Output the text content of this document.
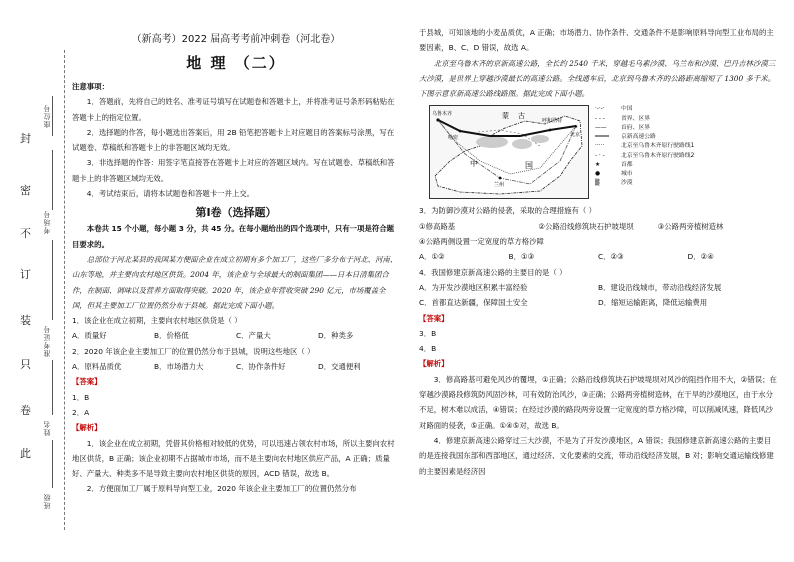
封
密
不
订
装
只
卷
此
座位号
考场号
准考证号
姓名
班级

（新高考）2022 届高考考前冲刺卷（河北卷）

地 理 （二）

注意事项：

1．答题前，先将自己的姓名、准考证号填写在试题卷和答题卡上，并将准考证号条形码粘贴在答题卡上的指定位置。

2．选择题的作答，每小题选出答案后，用 2B 铅笔把答题卡上对应题目的答案标号涂黑，写在试题卷、草稿纸和答题卡上的非答题区域均无效。

3．非选择题的作答：用签字笔直接答在答题卡上对应的答题区域内。写在试题卷、草稿纸和答题卡上的非答题区域均无效。

4．考试结束后，请将本试题卷和答题卡一并上交。

第Ⅰ卷（选择题）

本卷共 15 个小题，每小题 3 分，共 45 分。在每小题给出的四个选项中，只有一项是符合题目要求的。

总部位于河北某县的我国某方便面企业在成立初期有多个加工厂，这些厂多分布于河北、河南、山东等地，并主要向农村地区供货。2004 年，该企业与全球最大的制面集团——日本日清集团合作，在制面、调味以及营养方面取得突破。2020 年，该企业年营收突破 290 亿元，市场覆盖全国，但其主要加工厂位置仍然分布于县城。据此完成下面小题。

1．该企业在成立初期，主要向农村地区供货是（ ）

A．质量好	B．价格低	C．产量大	D．种类多

2．2020 年该企业主要加工厂的位置仍然分布于县城，说明这些地区（ ）

A．原料品质优	B．市场潜力大	C．协作条件好	D．交通便利

【答案】

1．B

2．A

【解析】

1．该企业在成立初期，凭借其价格相对较低的优势，可以迅速占领农村市场，所以主要向农村地区供货，B 正确；该企业初期不占据城市市场，而不是主要向农村地区供应产品，A 正确；质量好、产量大、种类多不是导致主要向农村地区供货的原因，ACD 错误，故选 B。

2．方便面加工厂属于原料导向型工业，2020 年该企业主要加工厂的位置仍然分布

于县城，可知该地的小麦品质优，A 正确；市场潜力、协作条件、交通条件不是影响原料导向型工业布局的主要因素，B、C、D 错误，故选 A。

北京至乌鲁木齐的京新高速公路，全长约 2540 千米，穿越毛乌素沙漠、乌兰布和沙漠、巴丹吉林沙漠三大沙漠，是世界上穿越沙漠最长的高速公路。全线通车后，北京到乌鲁木齐的公路距离缩短了 1300 多千米。下图示意京新高速公路线路图。据此完成下面小题。

★
乌鲁木齐
哈密
蒙 古
呼和浩特
北京
兰州
中	国
·-·-·	中国
- - -	省界、区界
——	首府、区界
════	京新高速公路
·····	北京至乌鲁木齐原行驶路线1
- · -	北京至乌鲁木齐原行驶路线2
★	首都
●	城市
▒	沙漠

3．为防御沙漠对公路的侵袭，采取的合理措施有（ ）

①修高路基	②公路沿线修筑块石护坡堤坝	③公路两旁植树造林

④公路两侧设置一定宽度的草方格沙障

A．①②	B．①③	C．②③	D．②④

4．我国修建京新高速公路的主要目的是（ ）

A．为开发沙漠地区积累丰富经验	B．建设沿线城市，带动沿线经济发展
C．首都直达新疆，保障国土安全	D．缩短运输距离，降低运输费用

【答案】

3．B

4．B

【解析】

3．修高路基可避免风沙的覆埋，①正确；公路沿线修筑块石护坡堤坝对风沙的阻挡作用不大，②错误；在穿越沙漠路段修筑防风固沙林，可有效防治风沙，③正确；公路两旁植树造林，在干旱的沙漠地区，由于水分不足，树木难以成活，④错误；在经过沙漠的路段两旁设置一定宽度的草方格沙障，可以削减风速，降低风沙对路面的侵袭，⑤正确。①④⑤对，故选 B。

4．修建京新高速公路穿过三大沙漠，不是为了开发沙漠地区，A 错误；我国修建京新高速公路的主要目的是连接我国东部和西部地区，通过经济、文化要素的交流，带动沿线经济发展，B 对；影响交通运输线修建的主要因素是经济因
